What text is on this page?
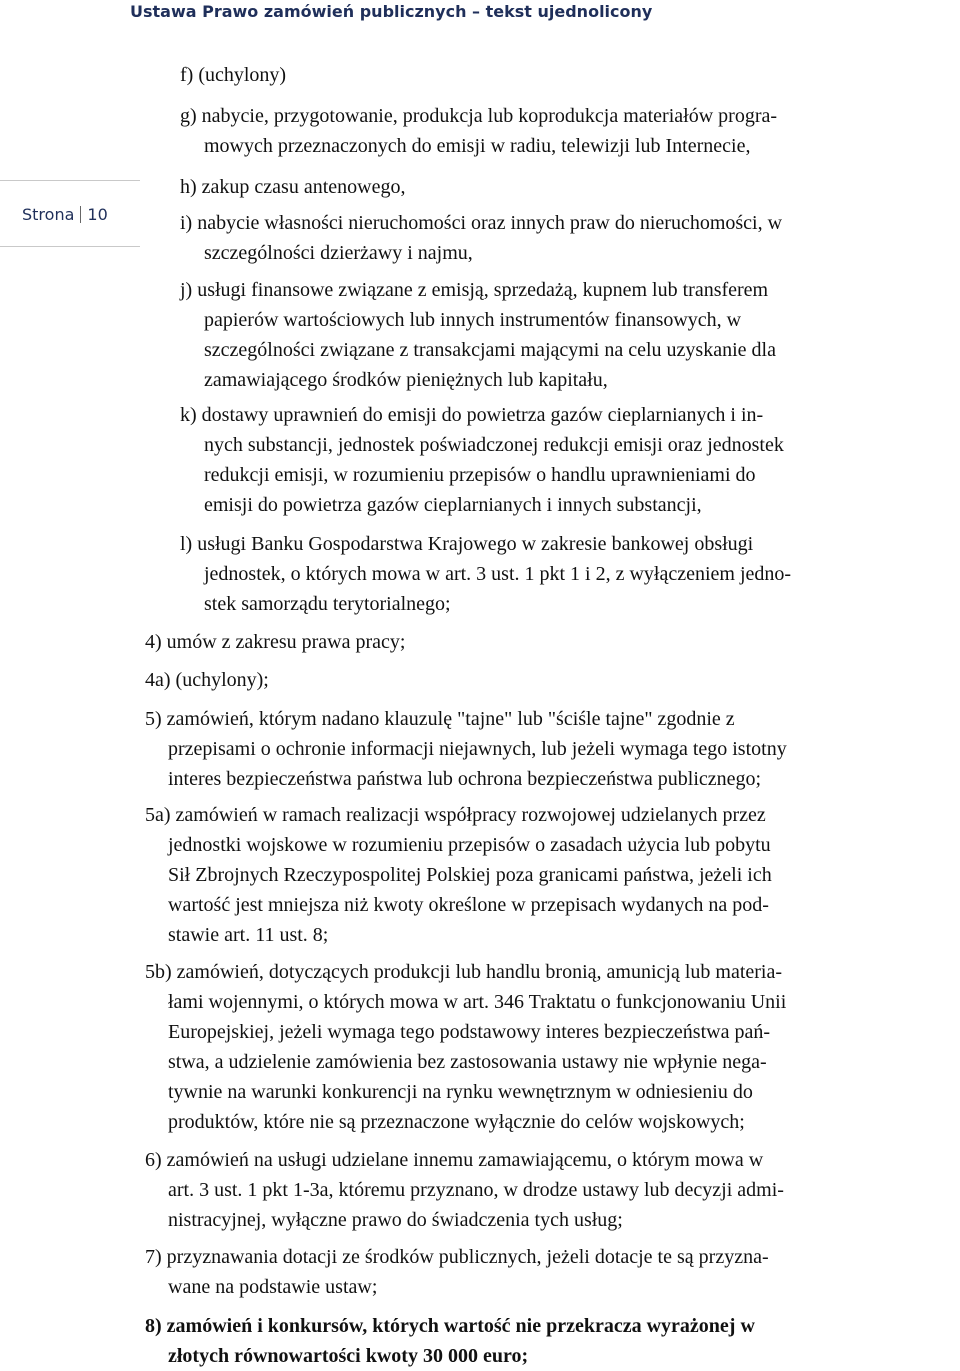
Ustawa Prawo zamówień publicznych – tekst ujednolicony
Strona 10
f) (uchylony)
g) nabycie, przygotowanie, produkcja lub koprodukcja materiałów progra-
mowych przeznaczonych do emisji w radiu, telewizji lub Internecie,
h) zakup czasu antenowego,
i) nabycie własności nieruchomości oraz innych praw do nieruchomości, w
szczególności dzierżawy i najmu,
j) usługi finansowe związane z emisją, sprzedażą, kupnem lub transferem
papierów wartościowych lub innych instrumentów finansowych, w
szczególności związane z transakcjami mającymi na celu uzyskanie dla
zamawiającego środków pieniężnych lub kapitału,
k) dostawy uprawnień do emisji do powietrza gazów cieplarnianych i in-
nych substancji, jednostek poświadczonej redukcji emisji oraz jednostek
redukcji emisji, w rozumieniu przepisów o handlu uprawnieniami do
emisji do powietrza gazów cieplarnianych i innych substancji,
l) usługi Banku Gospodarstwa Krajowego w zakresie bankowej obsługi
jednostek, o których mowa w art. 3 ust. 1 pkt 1 i 2, z wyłączeniem jedno-
stek samorządu terytorialnego;
4) umów z zakresu prawa pracy;
4a) (uchylony);
5) zamówień, którym nadano klauzulę "tajne" lub "ściśle tajne" zgodnie z
przepisami o ochronie informacji niejawnych, lub jeżeli wymaga tego istotny
interes bezpieczeństwa państwa lub ochrona bezpieczeństwa publicznego;
5a) zamówień w ramach realizacji współpracy rozwojowej udzielanych przez
jednostki wojskowe w rozumieniu przepisów o zasadach użycia lub pobytu
Sił Zbrojnych Rzeczypospolitej Polskiej poza granicami państwa, jeżeli ich
wartość jest mniejsza niż kwoty określone w przepisach wydanych na pod-
stawie art. 11 ust. 8;
5b) zamówień, dotyczących produkcji lub handlu bronią, amunicją lub materia-
łami wojennymi, o których mowa w art. 346 Traktatu o funkcjonowaniu Unii
Europejskiej, jeżeli wymaga tego podstawowy interes bezpieczeństwa pań-
stwa, a udzielenie zamówienia bez zastosowania ustawy nie wpłynie nega-
tywnie na warunki konkurencji na rynku wewnętrznym w odniesieniu do
produktów, które nie są przeznaczone wyłącznie do celów wojskowych;
6) zamówień na usługi udzielane innemu zamawiającemu, o którym mowa w
art. 3 ust. 1 pkt 1-3a, któremu przyznano, w drodze ustawy lub decyzji admi-
nistracyjnej, wyłączne prawo do świadczenia tych usług;
7) przyznawania dotacji ze środków publicznych, jeżeli dotacje te są przyzna-
wane na podstawie ustaw;
8) zamówień i konkursów, których wartość nie przekracza wyrażonej w
złotych równowartości kwoty 30 000 euro;
